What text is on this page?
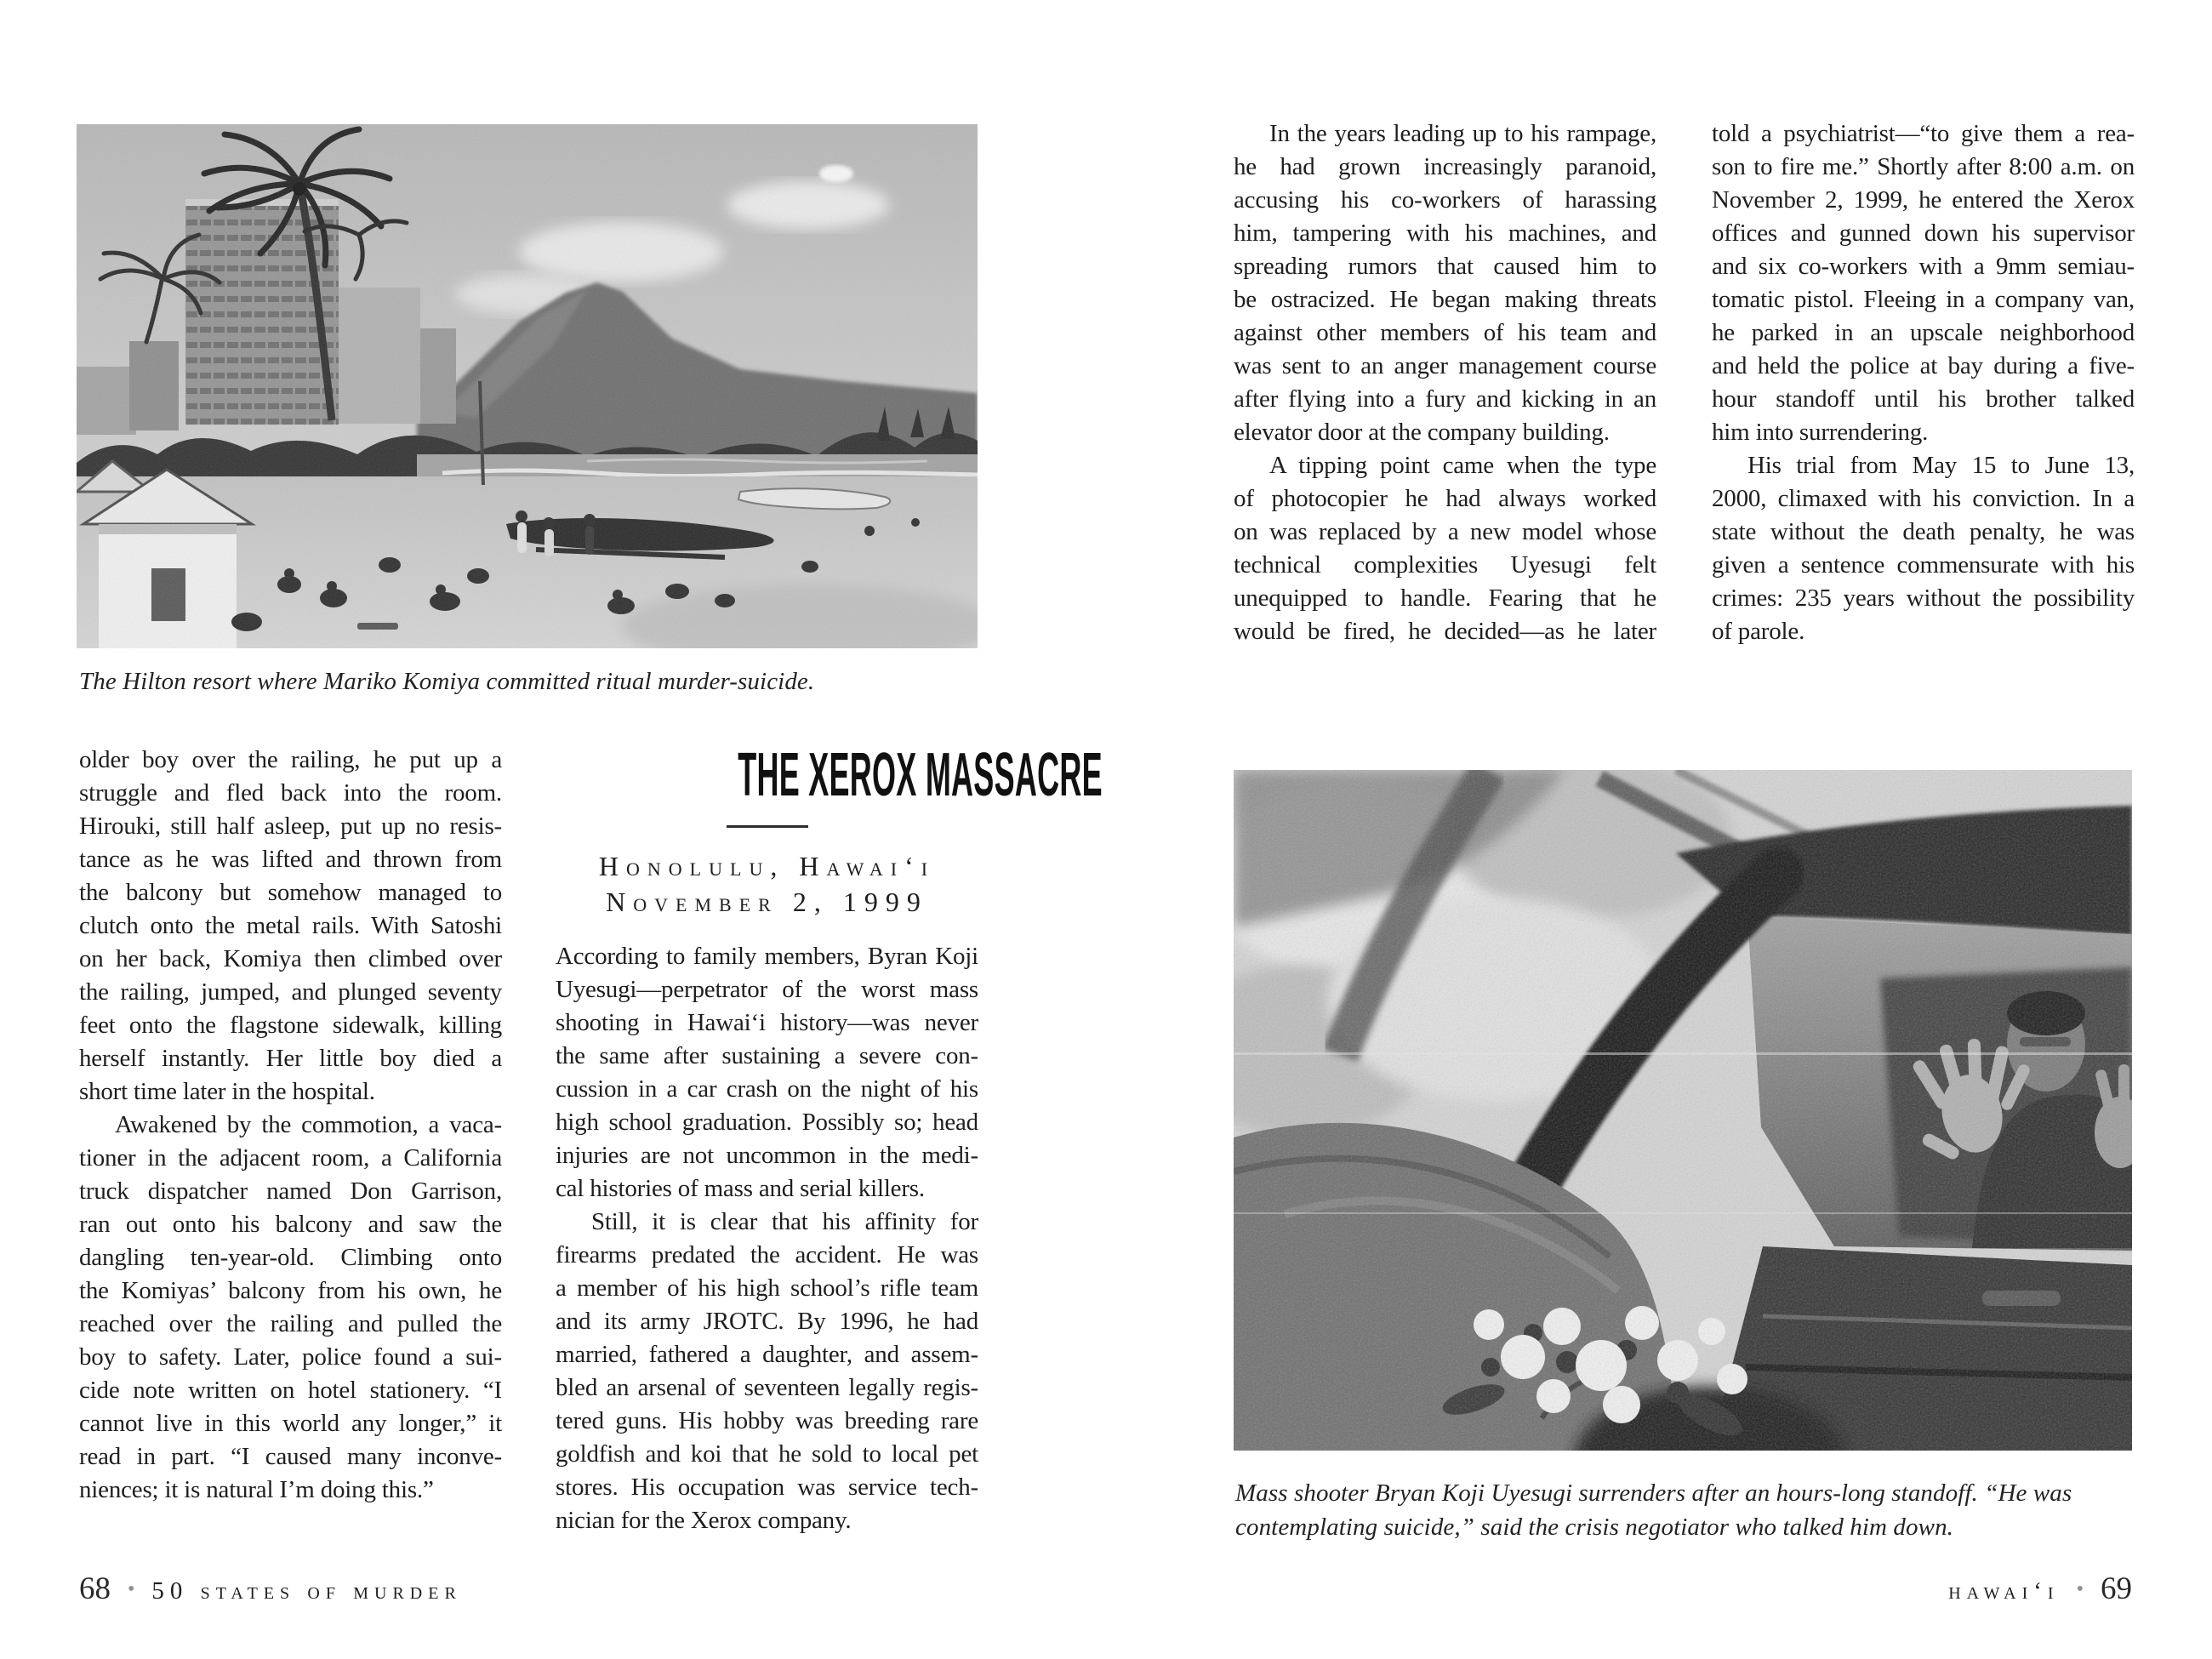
The Hilton resort where Mariko Komiya committed ritual murder-suicide.
older boy over the railing, he put up a
struggle and fled back into the room.
Hirouki, still half asleep, put up no resis-
tance as he was lifted and thrown from
the balcony but somehow managed to
clutch onto the metal rails. With Satoshi
on her back, Komiya then climbed over
the railing, jumped, and plunged seventy
feet onto the flagstone sidewalk, killing
herself instantly. Her little boy died a
short time later in the hospital.
Awakened by the commotion, a vaca-
tioner in the adjacent room, a California
truck dispatcher named Don Garrison,
ran out onto his balcony and saw the
dangling ten-year-old. Climbing onto
the Komiyas’ balcony from his own, he
reached over the railing and pulled the
boy to safety. Later, police found a sui-
cide note written on hotel stationery. “I
cannot live in this world any longer,” it
read in part. “I caused many inconve-
niences; it is natural I’m doing this.”
THE XEROX MASSACRE
Honolulu, Hawai‘i
November 2, 1999
According to family members, Byran Koji
Uyesugi—perpetrator of the worst mass
shooting in Hawai‘i history—was never
the same after sustaining a severe con-
cussion in a car crash on the night of his
high school graduation. Possibly so; head
injuries are not uncommon in the medi-
cal histories of mass and serial killers.
Still, it is clear that his affinity for
firearms predated the accident. He was
a member of his high school’s rifle team
and its army JROTC. By 1996, he had
married, fathered a daughter, and assem-
bled an arsenal of seventeen legally regis-
tered guns. His hobby was breeding rare
goldfish and koi that he sold to local pet
stores. His occupation was service tech-
nician for the Xerox company.
68 • 50 states of murder
In the years leading up to his rampage,
he had grown increasingly paranoid,
accusing his co-workers of harassing
him, tampering with his machines, and
spreading rumors that caused him to
be ostracized. He began making threats
against other members of his team and
was sent to an anger management course
after flying into a fury and kicking in an
elevator door at the company building.
A tipping point came when the type
of photocopier he had always worked
on was replaced by a new model whose
technical complexities Uyesugi felt
unequipped to handle. Fearing that he
would be fired, he decided—as he later
told a psychiatrist—“to give them a rea-
son to fire me.” Shortly after 8:00 a.m. on
November 2, 1999, he entered the Xerox
offices and gunned down his supervisor
and six co-workers with a 9mm semiau-
tomatic pistol. Fleeing in a company van,
he parked in an upscale neighborhood
and held the police at bay during a five-
hour standoff until his brother talked
him into surrendering.
His trial from May 15 to June 13,
2000, climaxed with his conviction. In a
state without the death penalty, he was
given a sentence commensurate with his
crimes: 235 years without the possibility
of parole.
Mass shooter Bryan Koji Uyesugi surrenders after an hours-long standoff. “He was contemplating suicide,” said the crisis negotiator who talked him down.
hawai‘i • 69
